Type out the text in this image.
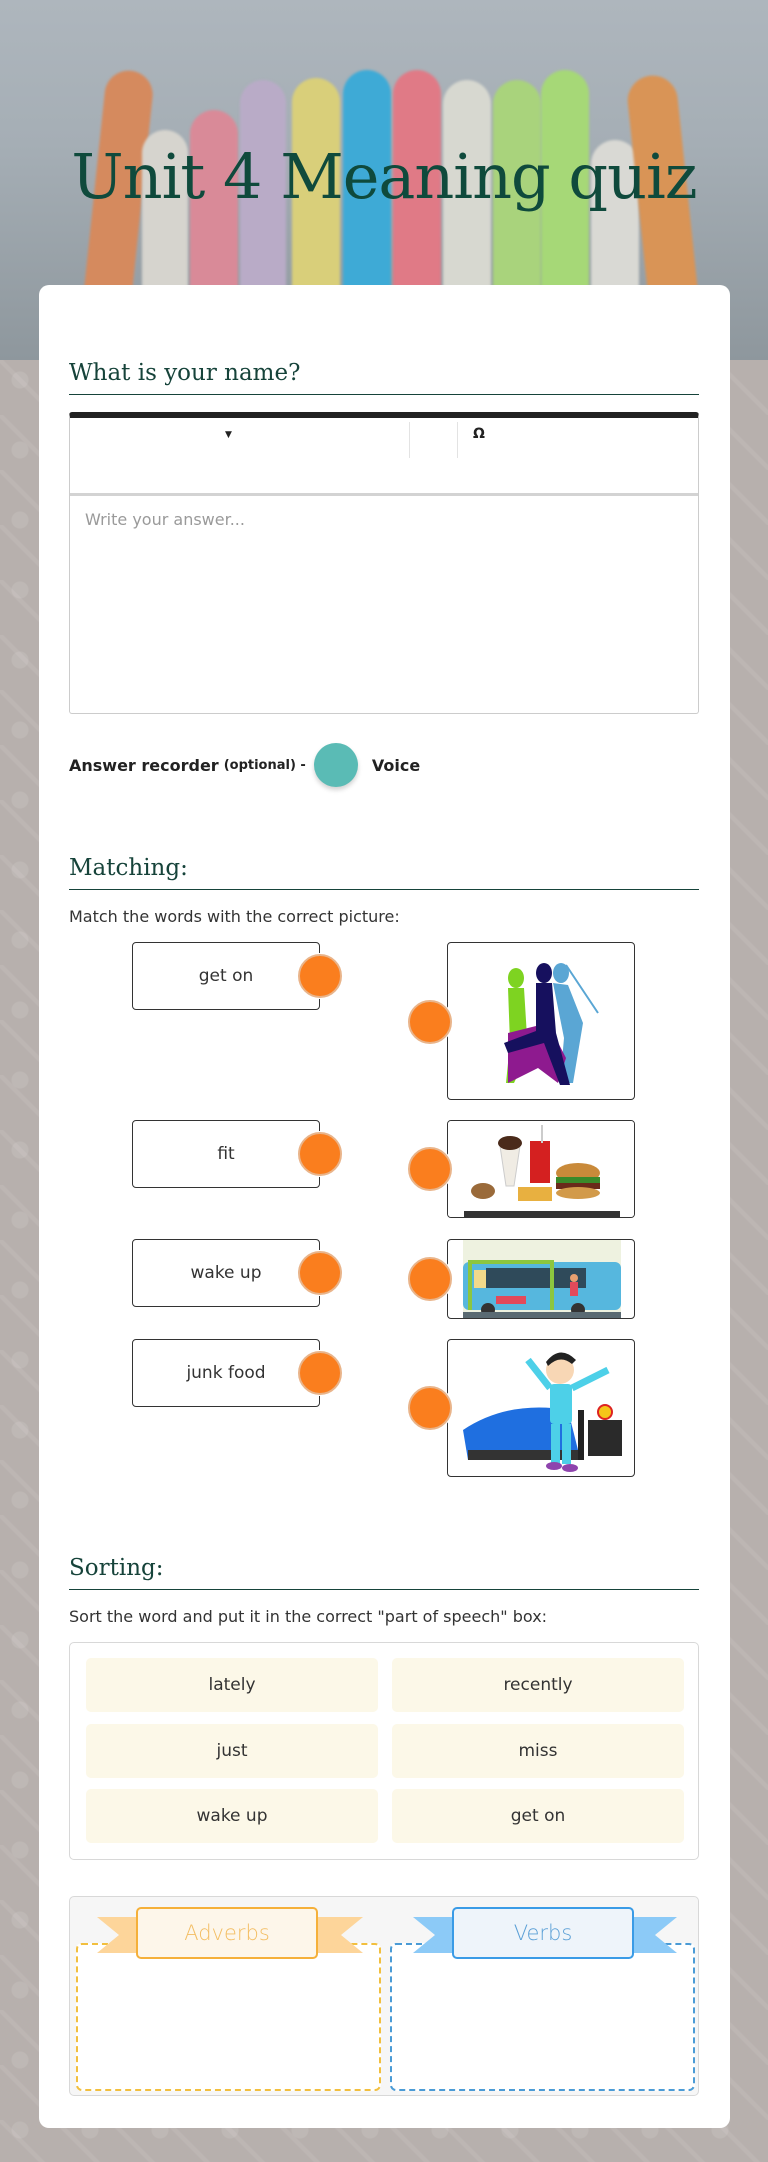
Unit 4 Meaning quiz
What is your name?
▼	Ω
Write your answer...
Answer recorder (optional) -	Voice
Matching:
Match the words with the correct picture:
get on
fit
wake up
junk food
Sorting:
Sort the word and put it in the correct "part of speech" box:
lately	recently
just	miss
wake up	get on
Adverbs	Verbs
